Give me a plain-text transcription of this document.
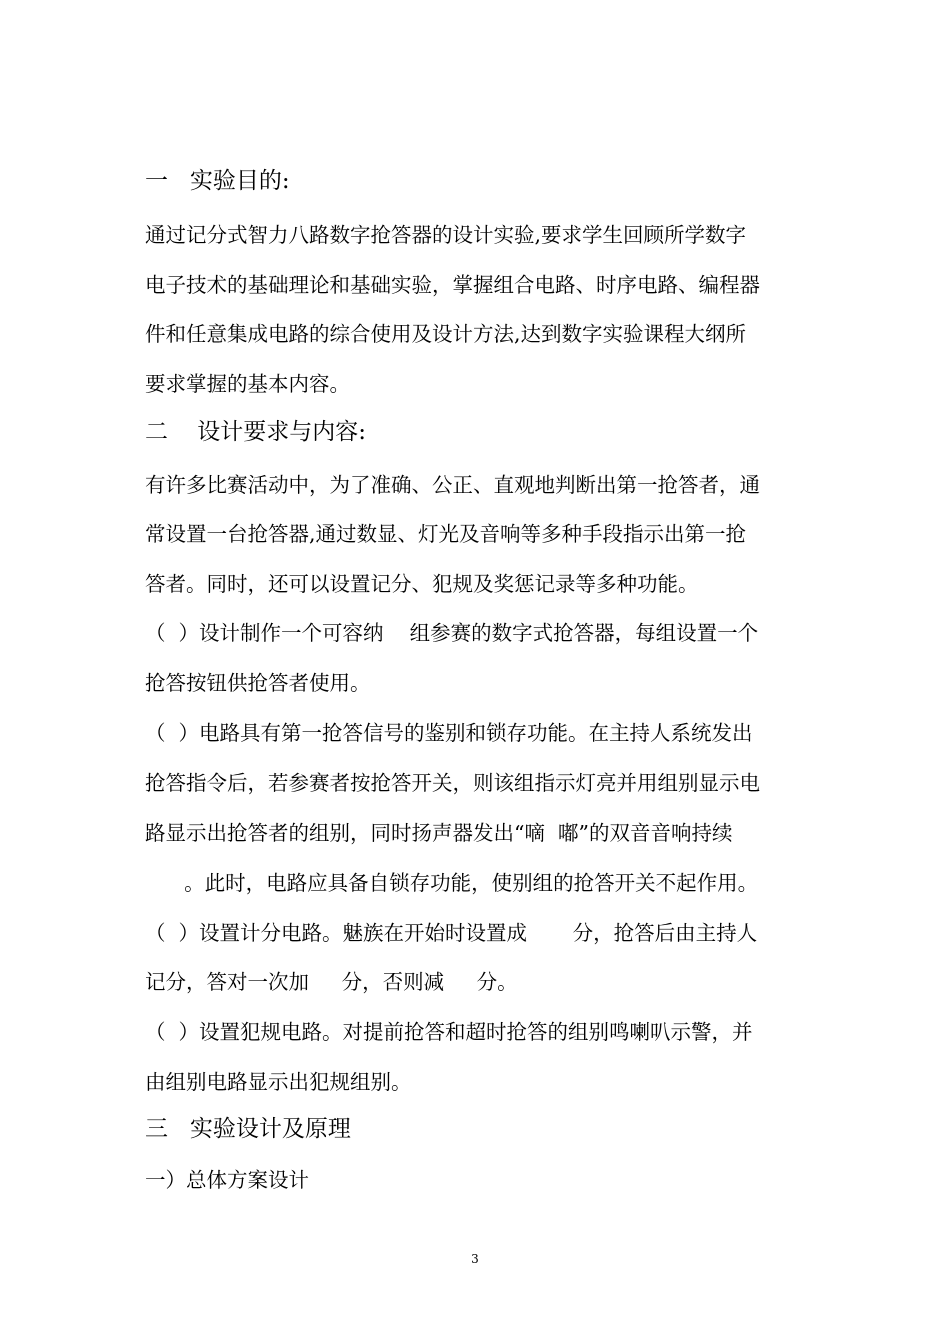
一   实验目的:
通过记分式智力八路数字抢答器的设计实验,要求学生回顾所学数字
电子技术的基础理论和基础实验，掌握组合电路、时序电路、编程器
件和任意集成电路的综合使用及设计方法,达到数字实验课程大纲所
要求掌握的基本内容。
二    设计要求与内容:
有许多比赛活动中，为了准确、公正、直观地判断出第一抢答者，通
常设置一台抢答器,通过数显、灯光及音响等多种手段指示出第一抢
答者。同时，还可以设置记分、犯规及奖惩记录等多种功能。
（  ）设计制作一个可容纳    组参赛的数字式抢答器，每组设置一个
抢答按钮供抢答者使用。
（  ）电路具有第一抢答信号的鉴别和锁存功能。在主持人系统发出
抢答指令后，若参赛者按抢答开关，则该组指示灯亮并用组别显示电
路显示出抢答者的组别，同时扬声器发出“嘀  嘟”的双音音响持续
。此时，电路应具备自锁存功能，使别组的抢答开关不起作用。
（  ）设置计分电路。魅族在开始时设置成       分，抢答后由主持人
记分，答对一次加     分，否则减     分。
（  ）设置犯规电路。对提前抢答和超时抢答的组别鸣喇叭示警，并
由组别电路显示出犯规组别。
三   实验设计及原理
一）总体方案设计
3
